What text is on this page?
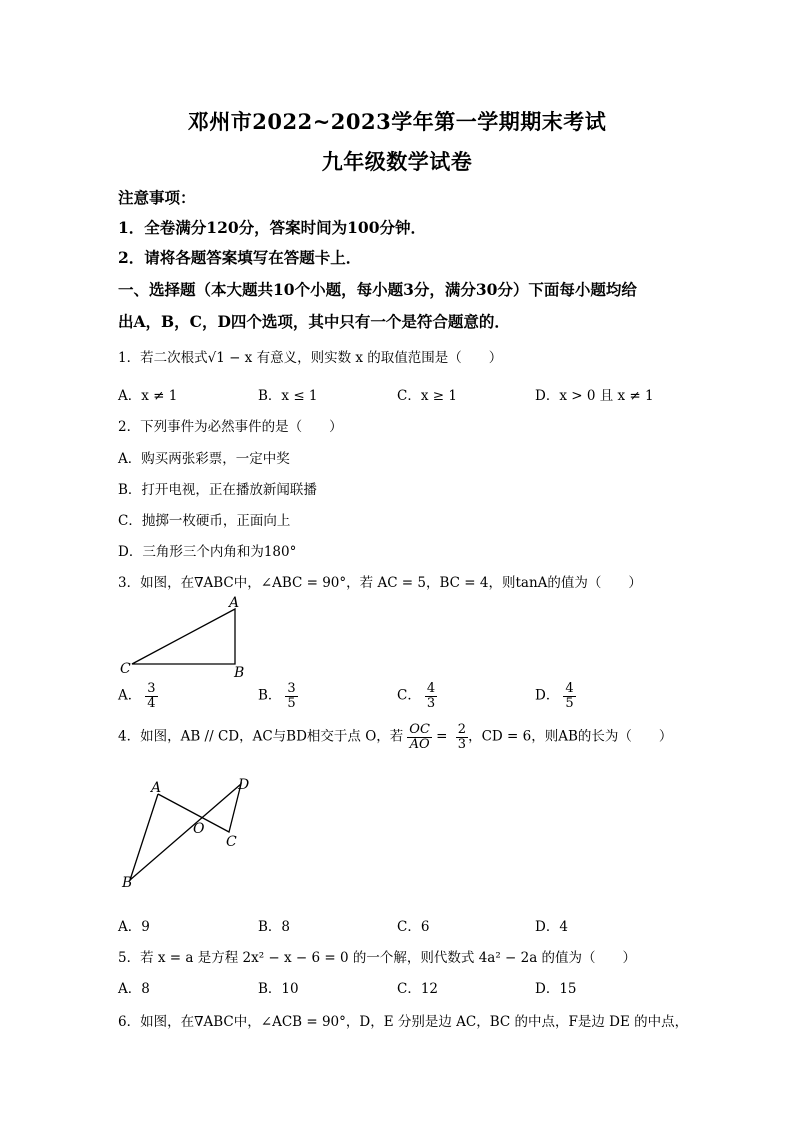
邓州市2022~2023学年第一学期期末考试
九年级数学试卷
注意事项：
1．全卷满分120分，答案时间为100分钟．
2．请将各题答案填写在答题卡上．
一、选择题（本大题共10个小题，每小题3分，满分30分）下面每小题均给
出A，B，C，D四个选项，其中只有一个是符合题意的．
1．若二次根式√1 − x 有意义，则实数 x 的取值范围是（　　）
A．x ≠ 1	B．x ≤ 1	C．x ≥ 1	D．x > 0 且 x ≠ 1
2．下列事件为必然事件的是（　　）
A．购买两张彩票，一定中奖
B．打开电视，正在播放新闻联播
C．抛掷一枚硬币，正面向上
D．三角形三个内角和为180°
3．如图，在∇ABC中，∠ABC = 90°，若 AC = 5，BC = 4，则tanA的值为（　　）
A
B
C
A． $\frac{3}{4}$	B． $\frac{3}{5}$	C． $\frac{4}{3}$	D． $\frac{4}{5}$
4．如图，AB // CD，AC与BD相交于点 O，若 $\frac{OC}{AO} = \frac{2}{3}$ ，CD = 6，则AB的长为（　　）
A
B
C
D
O
A．9	B．8	C．6	D．4
5．若 x = a 是方程 2x² − x − 6 = 0 的一个解，则代数式 4a² − 2a 的值为（　　）
A．8	B．10	C．12	D．15
6．如图，在∇ABC中，∠ACB = 90°，D，E 分别是边 AC，BC 的中点，F是边 DE 的中点，
